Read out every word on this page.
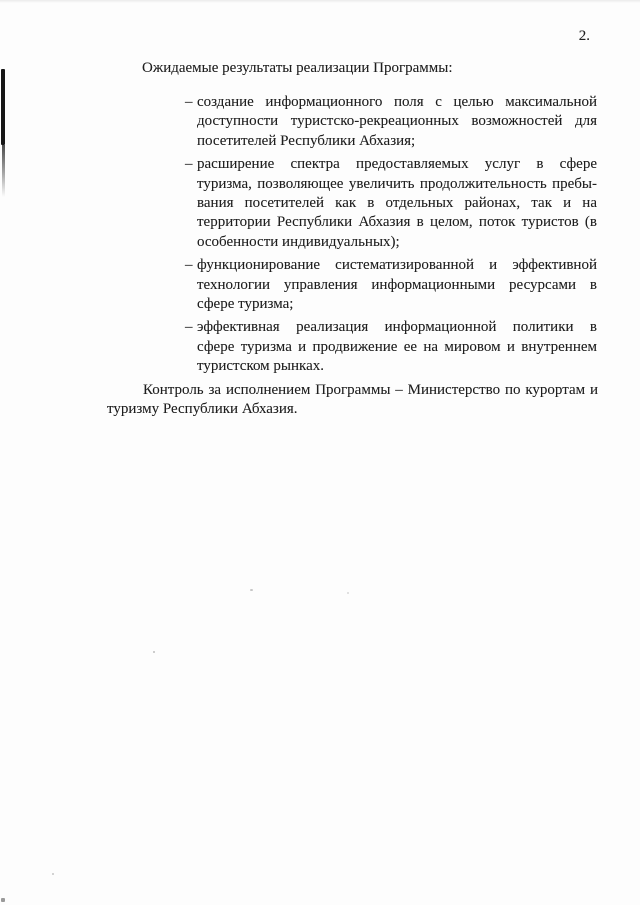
2.
Ожидаемые результаты реализации Программы:
– создание информационного поля с целью максимальной
доступности туристско-рекреационных возможностей для
посетителей Республики Абхазия;
– расширение спектра предоставляемых услуг в сфере
туризма, позволяющее увеличить продолжительность пребы-
вания посетителей как в отдельных районах, так и на
территории Республики Абхазия в целом, поток туристов (в
особенности индивидуальных);
– функционирование систематизированной и эффективной
технологии управления информационными ресурсами в
сфере туризма;
– эффективная реализация информационной политики в
сфере туризма и продвижение ее на мировом и внутреннем
туристском рынках.
Контроль за исполнением Программы – Министерство по курортам и
туризму Республики Абхазия.
